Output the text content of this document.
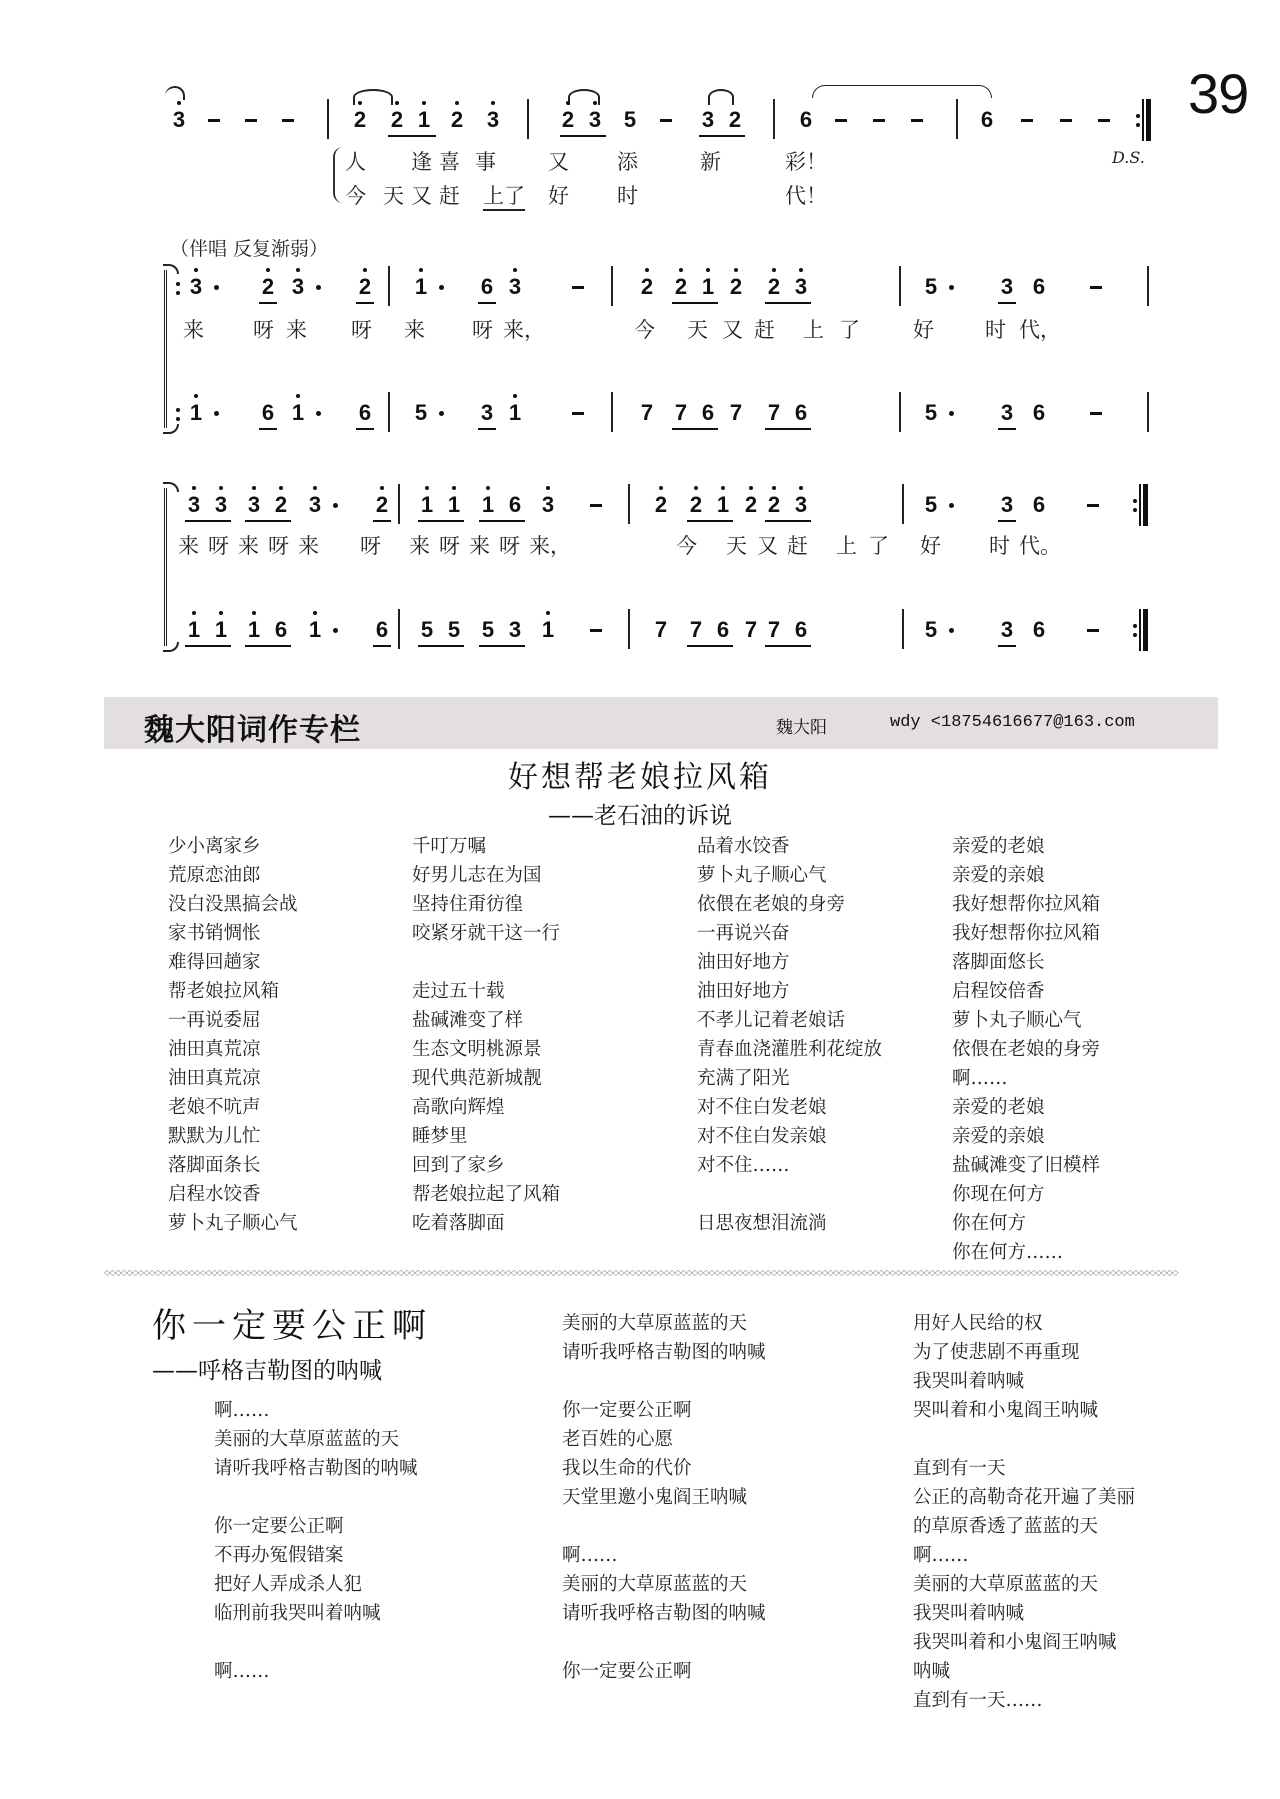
39
3	2 2 1 2 3	2 3 5	3 2	6	6
人 逢 喜 事 又 添	新	彩！
今 天 又 赶 上了 好 时	代！
D.S.
（伴唱 反复渐弱）
3	2 3 2 1 6 3	2 2 1 2 2 3	5	3 6
来 呀 来 呀 来 呀 来，	今 天 又 赶 上 了	好 时 代，
1	6 1 6 5 3 1	7 7 6 7 7 6	5	3 6
3 3 3 2 3 2 1 1 1 6 3	2 2 1 2 2 3	5	3 6
来 呀 来 呀 来 呀 来 呀 来 呀 来，	今 天 又 赶 上 了 好 时 代。
1 1 1 6 1 6 5 5 5 3 1	7 7 6 7 7 6	5	3 6
魏大阳词作专栏	魏大阳	wdy <18754616677@163.com
好想帮老娘拉风箱
——老石油的诉说
少小离家乡
荒原恋油郎
没白没黑搞会战
家书销惆怅
难得回趟家
帮老娘拉风箱
一再说委屈
油田真荒凉
油田真荒凉
老娘不吭声
默默为儿忙
落脚面条长
启程水饺香
萝卜丸子顺心气
千叮万嘱
好男儿志在为国
坚持住甭彷徨
咬紧牙就干这一行
走过五十载
盐碱滩变了样
生态文明桃源景
现代典范新城靓
高歌向辉煌
睡梦里
回到了家乡
帮老娘拉起了风箱
吃着落脚面
品着水饺香
萝卜丸子顺心气
依偎在老娘的身旁
一再说兴奋
油田好地方
油田好地方
不孝儿记着老娘话
青春血浇灌胜利花绽放
充满了阳光
对不住白发老娘
对不住白发亲娘
对不住……
日思夜想泪流淌
亲爱的老娘
亲爱的亲娘
我好想帮你拉风箱
我好想帮你拉风箱
落脚面悠长
启程饺倍香
萝卜丸子顺心气
依偎在老娘的身旁
啊……
亲爱的老娘
亲爱的亲娘
盐碱滩变了旧模样
你现在何方
你在何方
你在何方……
◇◇◇◇◇◇◇◇◇◇◇◇◇◇◇◇◇◇◇◇◇◇◇◇◇◇◇◇◇◇◇◇◇◇◇◇◇◇◇◇◇◇◇◇◇◇◇◇◇◇◇◇◇◇◇◇◇◇◇◇◇◇◇◇◇◇◇◇◇◇◇◇◇◇◇◇◇◇◇◇◇◇◇◇◇◇◇◇◇◇◇◇◇◇◇◇◇◇◇◇◇◇◇◇◇◇◇◇◇◇◇◇◇◇◇◇◇◇◇◇◇◇◇◇◇◇◇◇◇◇◇◇◇◇◇◇◇◇◇◇◇◇◇◇◇◇◇◇◇◇◇◇◇◇◇◇◇◇◇◇◇◇◇◇◇◇◇◇◇◇◇◇◇◇◇◇◇◇◇◇◇◇◇◇◇◇◇◇◇◇
你一定要公正啊
——呼格吉勒图的呐喊
啊……
美丽的大草原蓝蓝的天
请听我呼格吉勒图的呐喊
你一定要公正啊
不再办冤假错案
把好人弄成杀人犯
临刑前我哭叫着呐喊
啊……
美丽的大草原蓝蓝的天
请听我呼格吉勒图的呐喊
你一定要公正啊
老百姓的心愿
我以生命的代价
天堂里邀小鬼阎王呐喊
啊……
美丽的大草原蓝蓝的天
请听我呼格吉勒图的呐喊
你一定要公正啊
用好人民给的权
为了使悲剧不再重现
我哭叫着呐喊
哭叫着和小鬼阎王呐喊
直到有一天
公正的高勒奇花开遍了美丽
的草原香透了蓝蓝的天
啊……
美丽的大草原蓝蓝的天
我哭叫着呐喊
我哭叫着和小鬼阎王呐喊
呐喊
直到有一天……
